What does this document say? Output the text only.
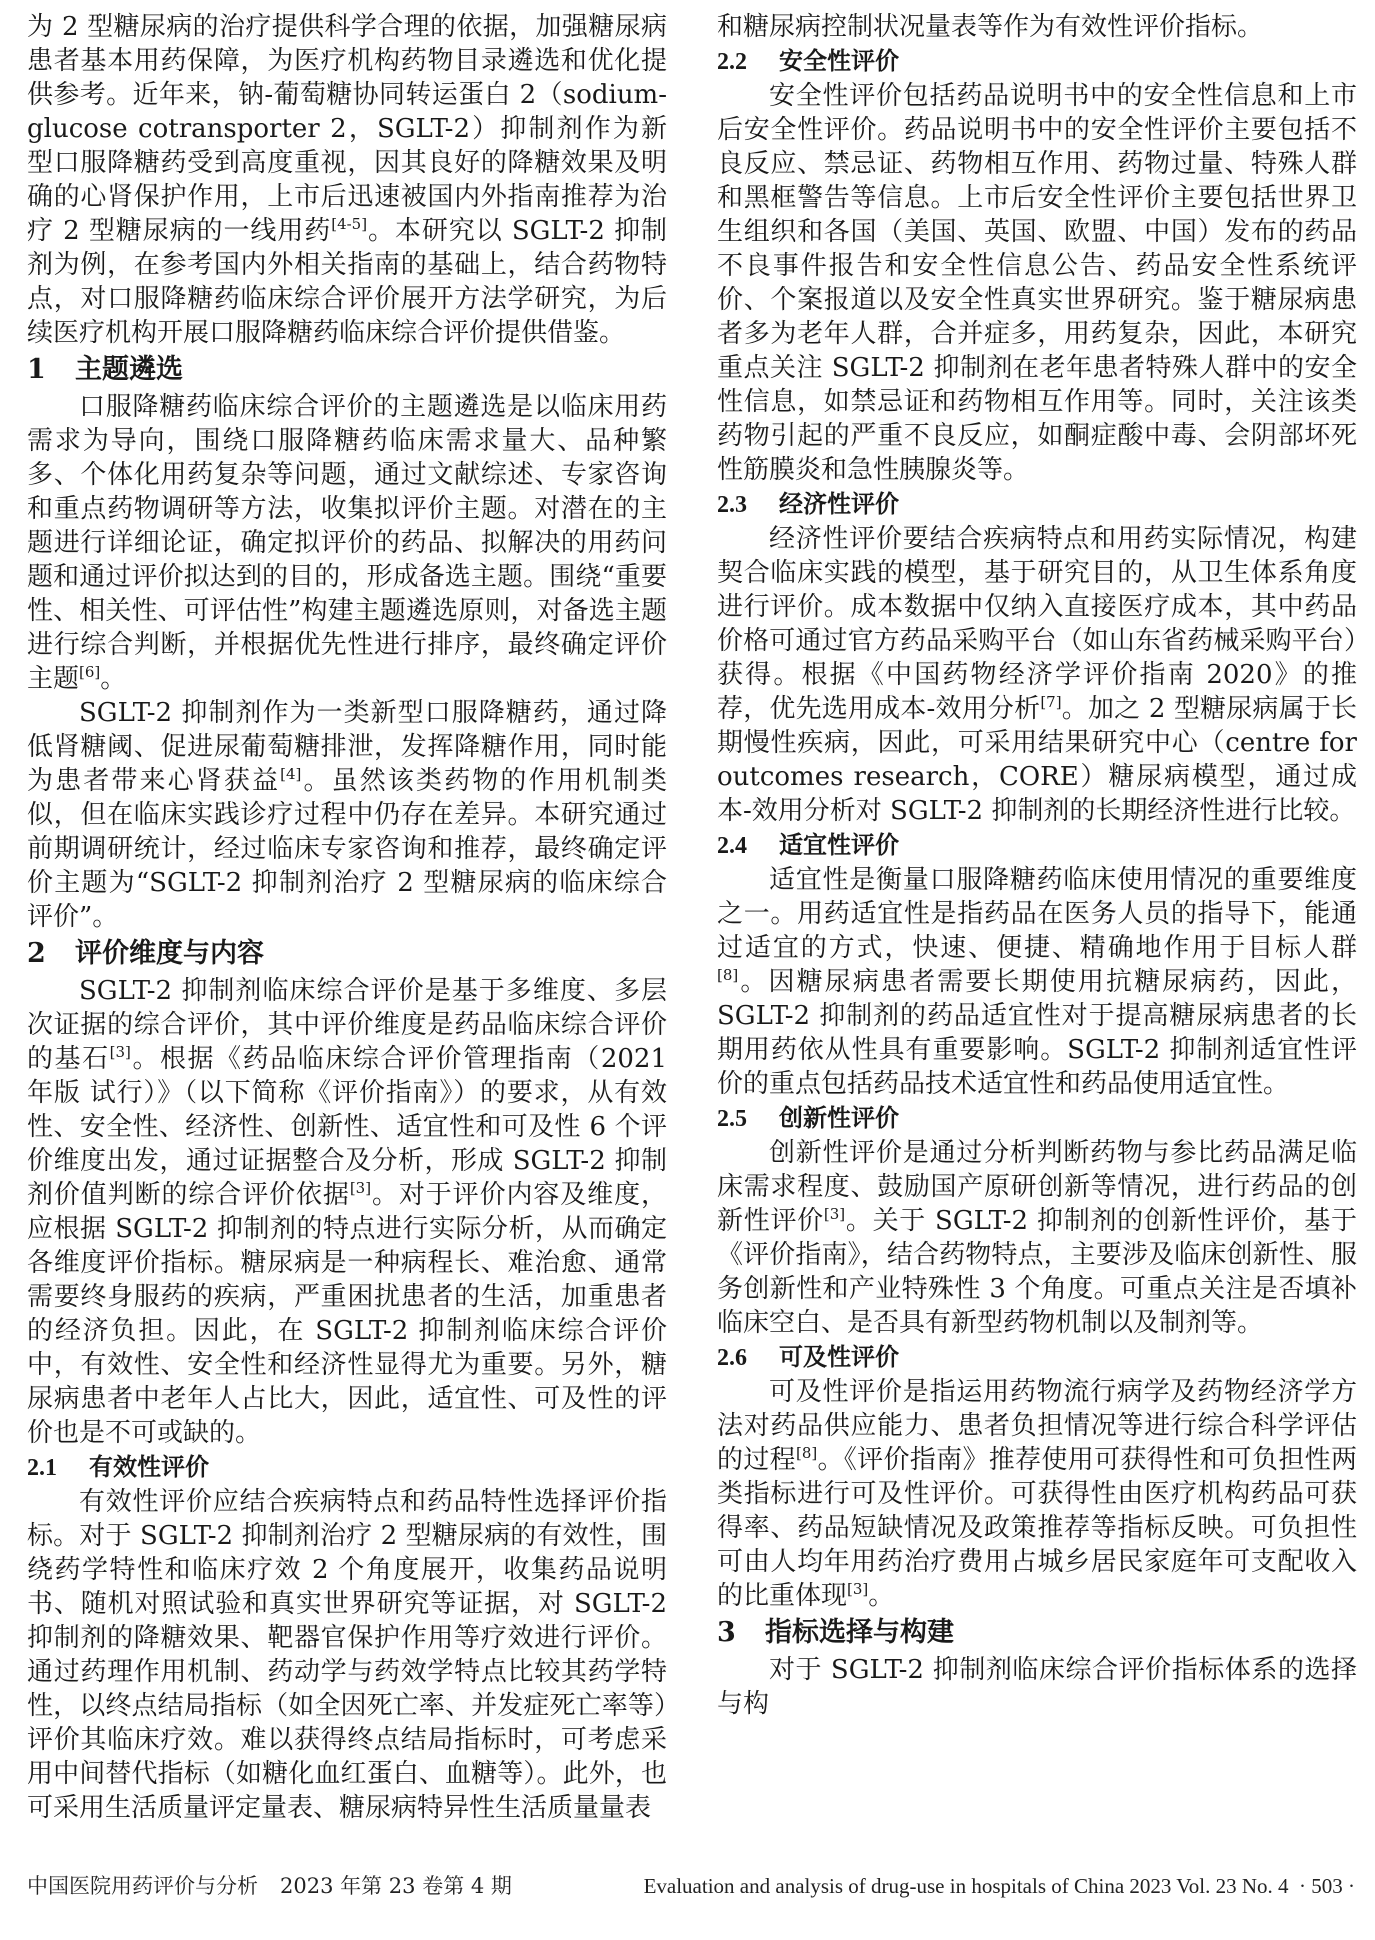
为 2 型糖尿病的治疗提供科学合理的依据，加强糖尿病患者基本用药保障，为医疗机构药物目录遴选和优化提供参考。近年来，钠-葡萄糖协同转运蛋白 2（sodium-glucose cotransporter 2，SGLT-2）抑制剂作为新型口服降糖药受到高度重视，因其良好的降糖效果及明确的心肾保护作用，上市后迅速被国内外指南推荐为治疗 2 型糖尿病的一线用药[4-5]。本研究以 SGLT-2 抑制剂为例，在参考国内外相关指南的基础上，结合药物特点，对口服降糖药临床综合评价展开方法学研究，为后续医疗机构开展口服降糖药临床综合评价提供借鉴。

1 主题遴选

口服降糖药临床综合评价的主题遴选是以临床用药需求为导向，围绕口服降糖药临床需求量大、品种繁多、个体化用药复杂等问题，通过文献综述、专家咨询和重点药物调研等方法，收集拟评价主题。对潜在的主题进行详细论证，确定拟评价的药品、拟解决的用药问题和通过评价拟达到的目的，形成备选主题。围绕“重要性、相关性、可评估性”构建主题遴选原则，对备选主题进行综合判断，并根据优先性进行排序，最终确定评价主题[6]。

SGLT-2 抑制剂作为一类新型口服降糖药，通过降低肾糖阈、促进尿葡萄糖排泄，发挥降糖作用，同时能为患者带来心肾获益[4]。虽然该类药物的作用机制类似，但在临床实践诊疗过程中仍存在差异。本研究通过前期调研统计，经过临床专家咨询和推荐，最终确定评价主题为“SGLT-2 抑制剂治疗 2 型糖尿病的临床综合评价”。

2 评价维度与内容

SGLT-2 抑制剂临床综合评价是基于多维度、多层次证据的综合评价，其中评价维度是药品临床综合评价的基石[3]。根据《药品临床综合评价管理指南（2021 年版 试行）》（以下简称《评价指南》）的要求，从有效性、安全性、经济性、创新性、适宜性和可及性 6 个评价维度出发，通过证据整合及分析，形成 SGLT-2 抑制剂价值判断的综合评价依据[3]。对于评价内容及维度，应根据 SGLT-2 抑制剂的特点进行实际分析，从而确定各维度评价指标。糖尿病是一种病程长、难治愈、通常需要终身服药的疾病，严重困扰患者的生活，加重患者的经济负担。因此，在 SGLT-2 抑制剂临床综合评价中，有效性、安全性和经济性显得尤为重要。另外，糖尿病患者中老年人占比大，因此，适宜性、可及性的评价也是不可或缺的。

2.1 有效性评价

有效性评价应结合疾病特点和药品特性选择评价指标。对于 SGLT-2 抑制剂治疗 2 型糖尿病的有效性，围绕药学特性和临床疗效 2 个角度展开，收集药品说明书、随机对照试验和真实世界研究等证据，对 SGLT-2 抑制剂的降糖效果、靶器官保护作用等疗效进行评价。通过药理作用机制、药动学与药效学特点比较其药学特性，以终点结局指标（如全因死亡率、并发症死亡率等）评价其临床疗效。难以获得终点结局指标时，可考虑采用中间替代指标（如糖化血红蛋白、血糖等）。此外，也可采用生活质量评定量表、糖尿病特异性生活质量量表

和糖尿病控制状况量表等作为有效性评价指标。

2.2 安全性评价

安全性评价包括药品说明书中的安全性信息和上市后安全性评价。药品说明书中的安全性评价主要包括不良反应、禁忌证、药物相互作用、药物过量、特殊人群和黑框警告等信息。上市后安全性评价主要包括世界卫生组织和各国（美国、英国、欧盟、中国）发布的药品不良事件报告和安全性信息公告、药品安全性系统评价、个案报道以及安全性真实世界研究。鉴于糖尿病患者多为老年人群，合并症多，用药复杂，因此，本研究重点关注 SGLT-2 抑制剂在老年患者特殊人群中的安全性信息，如禁忌证和药物相互作用等。同时，关注该类药物引起的严重不良反应，如酮症酸中毒、会阴部坏死性筋膜炎和急性胰腺炎等。

2.3 经济性评价

经济性评价要结合疾病特点和用药实际情况，构建契合临床实践的模型，基于研究目的，从卫生体系角度进行评价。成本数据中仅纳入直接医疗成本，其中药品价格可通过官方药品采购平台（如山东省药械采购平台）获得。根据《中国药物经济学评价指南 2020》的推荐，优先选用成本-效用分析[7]。加之 2 型糖尿病属于长期慢性疾病，因此，可采用结果研究中心（centre for outcomes research，CORE）糖尿病模型，通过成本-效用分析对 SGLT-2 抑制剂的长期经济性进行比较。

2.4 适宜性评价

适宜性是衡量口服降糖药临床使用情况的重要维度之一。用药适宜性是指药品在医务人员的指导下，能通过适宜的方式，快速、便捷、精确地作用于目标人群[8]。因糖尿病患者需要长期使用抗糖尿病药，因此，SGLT-2 抑制剂的药品适宜性对于提高糖尿病患者的长期用药依从性具有重要影响。SGLT-2 抑制剂适宜性评价的重点包括药品技术适宜性和药品使用适宜性。

2.5 创新性评价

创新性评价是通过分析判断药物与参比药品满足临床需求程度、鼓励国产原研创新等情况，进行药品的创新性评价[3]。关于 SGLT-2 抑制剂的创新性评价，基于《评价指南》，结合药物特点，主要涉及临床创新性、服务创新性和产业特殊性 3 个角度。可重点关注是否填补临床空白、是否具有新型药物机制以及制剂等。

2.6 可及性评价

可及性评价是指运用药物流行病学及药物经济学方法对药品供应能力、患者负担情况等进行综合科学评估的过程[8]。《评价指南》推荐使用可获得性和可负担性两类指标进行可及性评价。可获得性由医疗机构药品可获得率、药品短缺情况及政策推荐等指标反映。可负担性可由人均年用药治疗费用占城乡居民家庭年可支配收入的比重体现[3]。

3 指标选择与构建

对于 SGLT-2 抑制剂临床综合评价指标体系的选择与构

中国医院用药评价与分析 2023 年第 23 卷第 4 期	Evaluation and analysis of drug-use in hospitals of China 2023 Vol. 23 No. 4 · 503 ·
